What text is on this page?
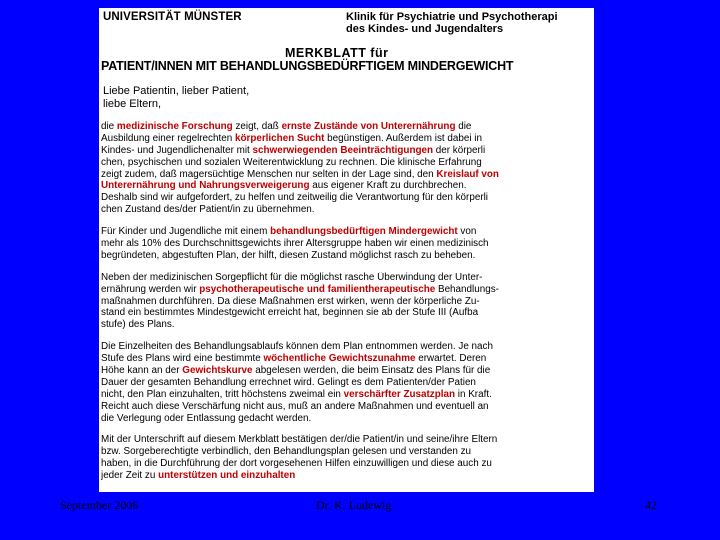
UNIVERSITÄT MÜNSTER	Klinik für Psychiatrie und Psychotherapi
des Kindes- und Jugendalters
MERKBLATT für
PATIENT/INNEN MIT BEHANDLUNGSBEDÜRFTIGEM MINDERGEWICHT
Liebe Patientin, lieber Patient,
liebe Eltern,
die medizinische Forschung zeigt, daß ernste Zustände von Unterernährung die
Ausbildung einer regelrechten körperlichen Sucht begünstigen. Außerdem ist dabei in
Kindes- und Jugendlichenalter mit schwerwiegenden Beeinträchtigungen der körperli
chen, psychischen und sozialen Weiterentwicklung zu rechnen. Die klinische Erfahrung
zeigt zudem, daß magersüchtige Menschen nur selten in der Lage sind, den Kreislauf von
Unterernährung und Nahrungsverweigerung aus eigener Kraft zu durchbrechen.
Deshalb sind wir aufgefordert, zu helfen und zeitweilig die Verantwortung für den körperli
chen Zustand des/der Patient/in zu übernehmen.
Für Kinder und Jugendliche mit einem behandlungsbedürftigen Mindergewicht von
mehr als 10% des Durchschnittsgewichts ihrer Altersgruppe haben wir einen medizinisch
begründeten, abgestuften Plan, der hilft, diesen Zustand möglichst rasch zu beheben.
Neben der medizinischen Sorgepflicht für die möglichst rasche Überwindung der Unter-
ernährung werden wir psychotherapeutische und familientherapeutische Behandlungs-
maßnahmen durchführen. Da diese Maßnahmen erst wirken, wenn der körperliche Zu-
stand ein bestimmtes Mindestgewicht erreicht hat, beginnen sie ab der Stufe III (Aufba
stufe) des Plans.
Die Einzelheiten des Behandlungsablaufs können dem Plan entnommen werden. Je nach
Stufe des Plans wird eine bestimmte wöchentliche Gewichtszunahme erwartet. Deren
Höhe kann an der Gewichtskurve abgelesen werden, die beim Einsatz des Plans für die
Dauer der gesamten Behandlung errechnet wird. Gelingt es dem Patienten/der Patien
nicht, den Plan einzuhalten, tritt höchstens zweimal ein verschärfter Zusatzplan in Kraft.
Reicht auch diese Verschärfung nicht aus, muß an andere Maßnahmen und eventuell an
die Verlegung oder Entlassung gedacht werden.
Mit der Unterschrift auf diesem Merkblatt bestätigen der/die Patient/in und seine/ihre Eltern
bzw. Sorgeberechtigte verbindlich, den Behandlungsplan gelesen und verstanden zu
haben, in die Durchführung der dort vorgesehenen Hilfen einzuwilligen und diese auch zu
jeder Zeit zu unterstützen und einzuhalten
September 2006	Dr. K. Ludewig	42
